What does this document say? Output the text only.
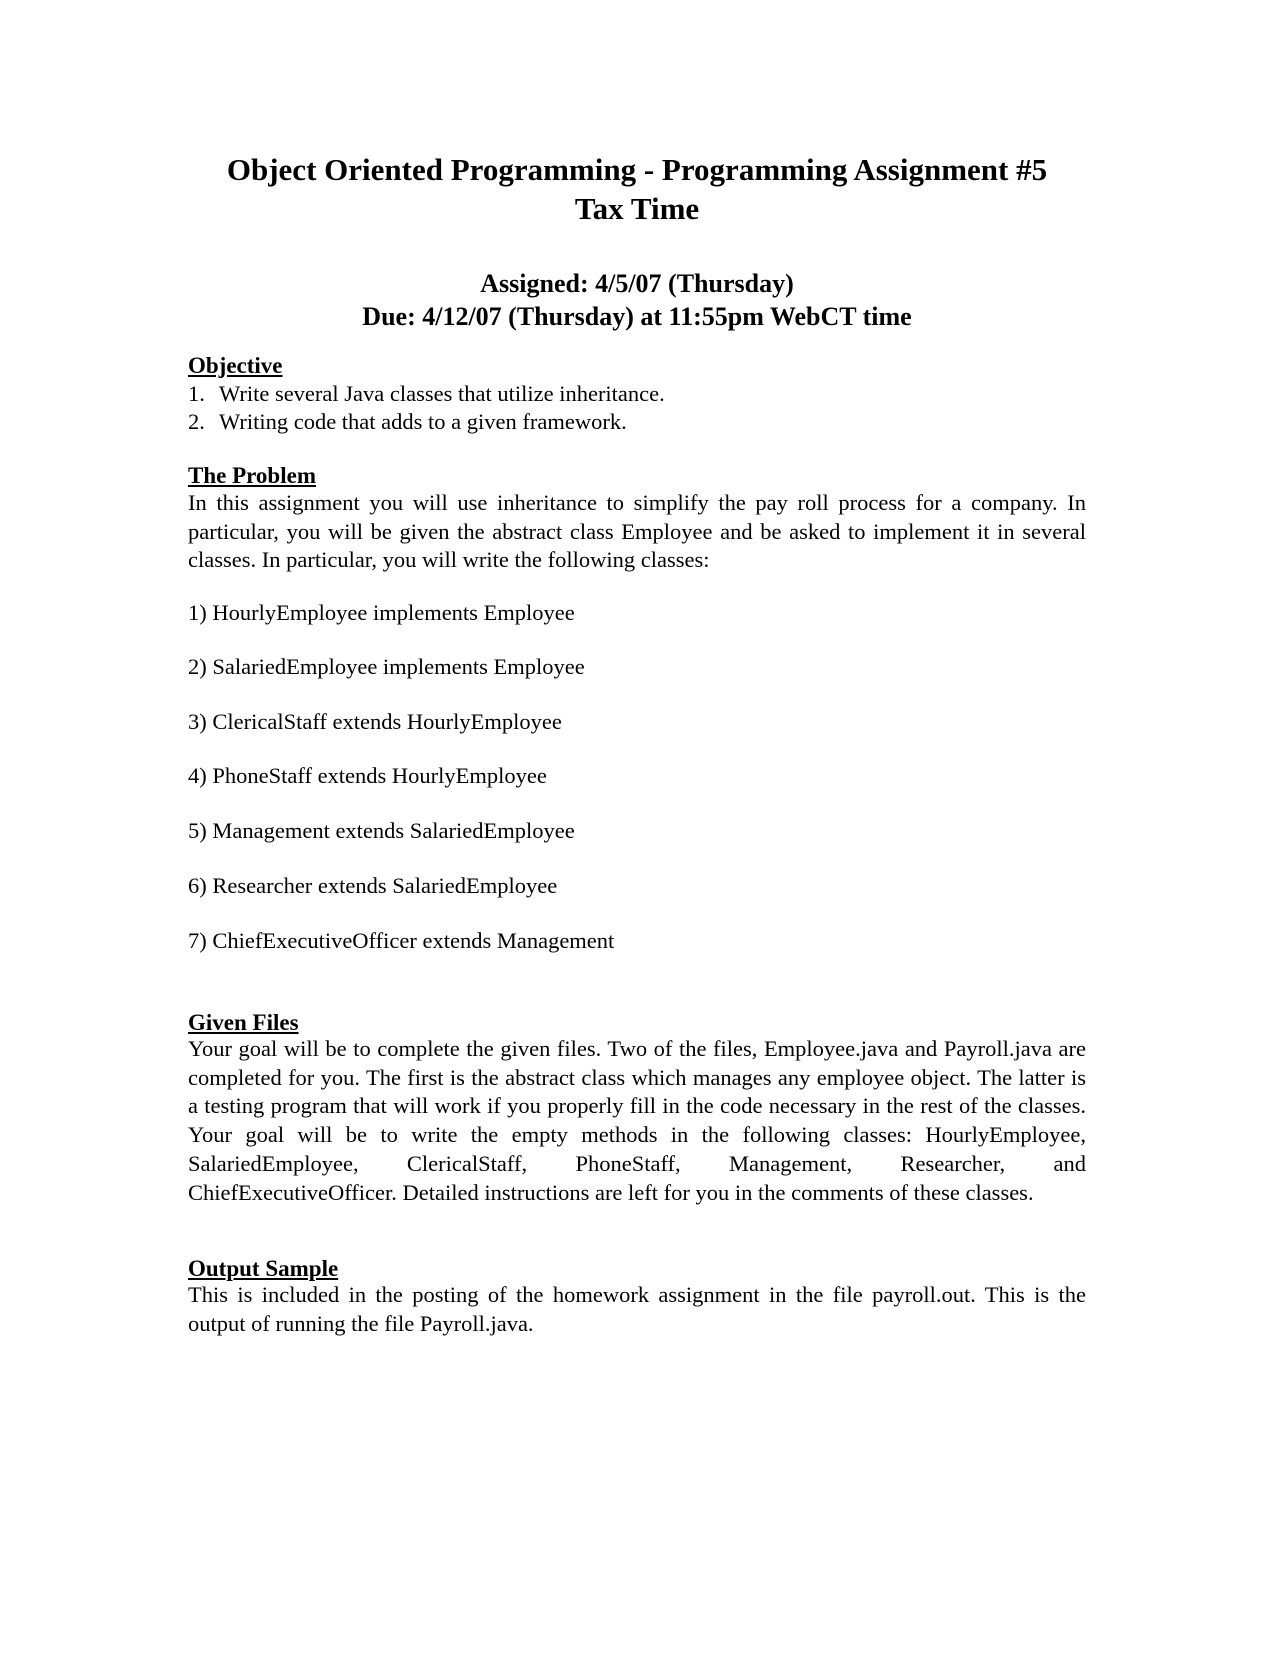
Object Oriented Programming - Programming Assignment #5
Tax Time

Assigned: 4/5/07 (Thursday)

Due: 4/12/07 (Thursday) at 11:55pm WebCT time

Objective

1. Write several Java classes that utilize inheritance.

2. Writing code that adds to a given framework.

The Problem

In this assignment you will use inheritance to simplify the pay roll process for a company. In particular, you will be given the abstract class Employee and be asked to implement it in several classes. In particular, you will write the following classes:

1) HourlyEmployee implements Employee

2) SalariedEmployee implements Employee

3) ClericalStaff extends HourlyEmployee

4) PhoneStaff extends HourlyEmployee

5) Management extends SalariedEmployee

6) Researcher extends SalariedEmployee

7) ChiefExecutiveOfficer extends Management

Given Files

Your goal will be to complete the given files. Two of the files, Employee.java and Payroll.java are completed for you. The first is the abstract class which manages any employee object. The latter is a testing program that will work if you properly fill in the code necessary in the rest of the classes. Your goal will be to write the empty methods in the following classes: HourlyEmployee, SalariedEmployee, ClericalStaff, PhoneStaff, Management, Researcher, and ChiefExecutiveOfficer. Detailed instructions are left for you in the comments of these classes.

Output Sample

This is included in the posting of the homework assignment in the file payroll.out. This is the output of running the file Payroll.java.
